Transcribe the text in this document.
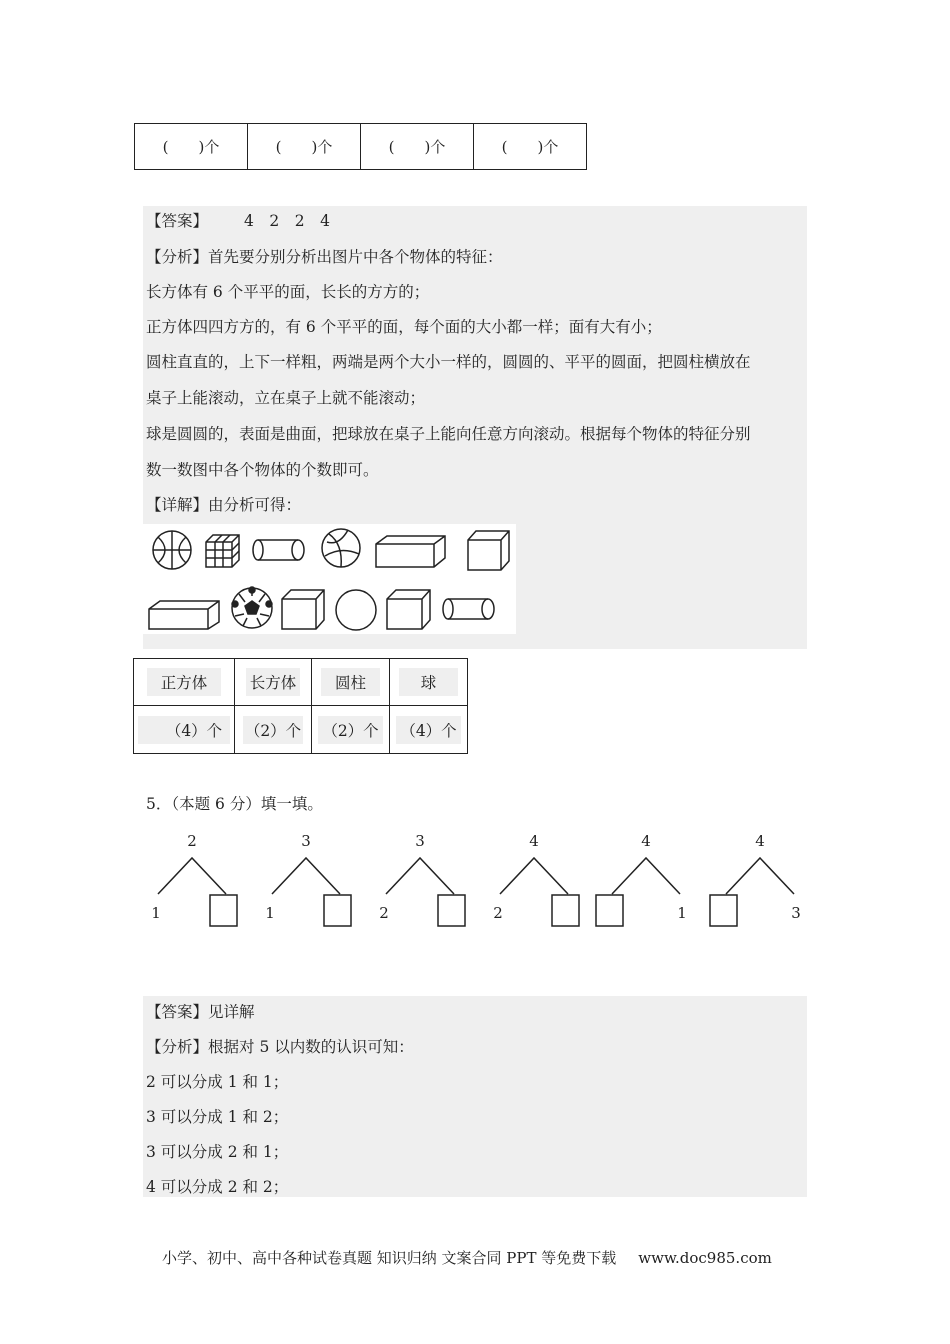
(　　)个	(　　)个	(　　)个	(　　)个
【答案】 4　2　2　4
【分析】首先要分别分析出图片中各个物体的特征：
长方体有 6 个平平的面，长长的方方的；
正方体四四方方的，有 6 个平平的面，每个面的大小都一样；面有大有小；
圆柱直直的，上下一样粗，两端是两个大小一样的，圆圆的、平平的圆面，把圆柱横放在
桌子上能滚动，立在桌子上就不能滚动；
球是圆圆的，表面是曲面，把球放在桌子上能向任意方向滚动。根据每个物体的特征分别
数一数图中各个物体的个数即可。
【详解】由分析可得：
正方体	长方体	圆柱	球
（4）个	（2）个	（2）个	（4）个
5．（本题 6 分）填一填。
2
1
3
1
3
2
4
2
4
1
4
3
【答案】见详解
【分析】根据对 5 以内数的认识可知：
2 可以分成 1 和 1；
3 可以分成 1 和 2；
3 可以分成 2 和 1；
4 可以分成 2 和 2；
小学、初中、高中各种试卷真题 知识归纳 文案合同 PPT 等免费下载 www.doc985.com
